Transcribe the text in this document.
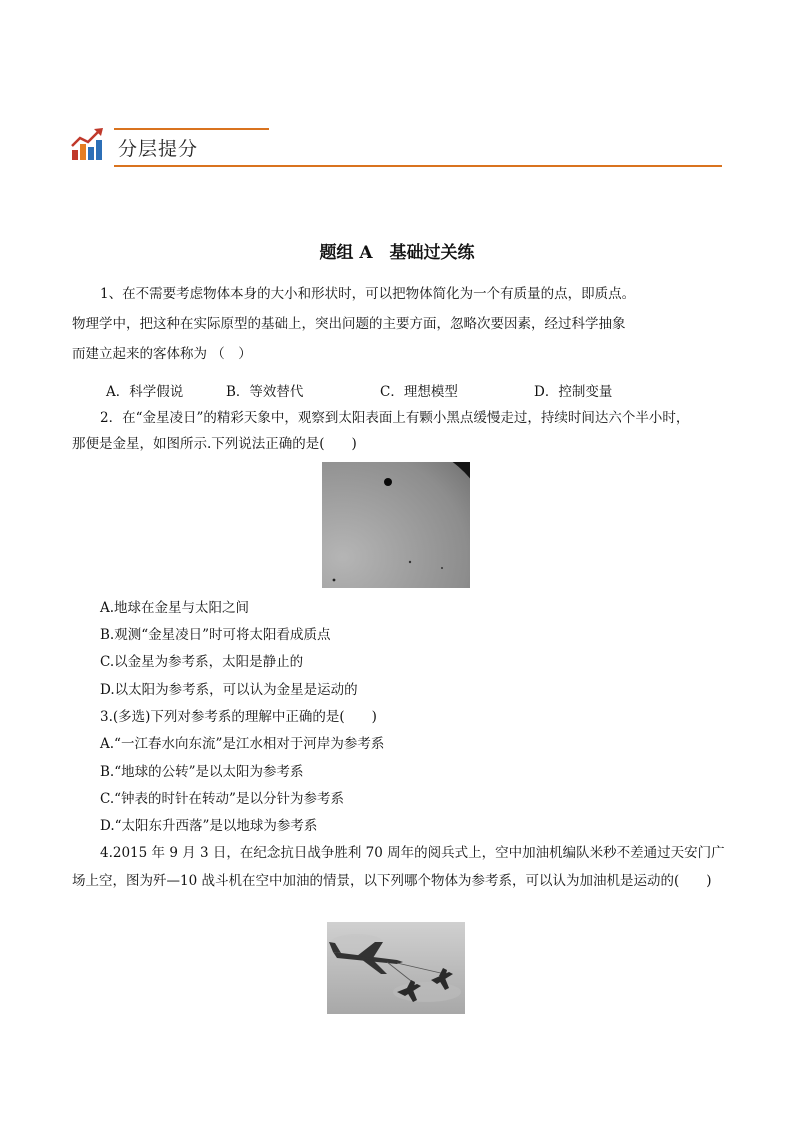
分层提分
题组 A　基础过关练
1、在不需要考虑物体本身的大小和形状时，可以把物体简化为一个有质量的点，即质点。
物理学中，把这种在实际原型的基础上，突出问题的主要方面，忽略次要因素，经过科学抽象
而建立起来的客体称为 （　）
A．科学假说	B．等效替代	C．理想模型	D．控制变量
2．在“金星凌日”的精彩天象中，观察到太阳表面上有颗小黑点缓慢走过，持续时间达六个半小时，
那便是金星，如图所示.下列说法正确的是(　　)
A.地球在金星与太阳之间
B.观测“金星凌日”时可将太阳看成质点
C.以金星为参考系，太阳是静止的
D.以太阳为参考系，可以认为金星是运动的
3.(多选)下列对参考系的理解中正确的是(　　)
A.“一江春水向东流”是江水相对于河岸为参考系
B.“地球的公转”是以太阳为参考系
C.“钟表的时针在转动”是以分针为参考系
D.“太阳东升西落”是以地球为参考系
4.2015 年 9 月 3 日，在纪念抗日战争胜利 70 周年的阅兵式上，空中加油机编队米秒不差通过天安门广
场上空，图为歼—10 战斗机在空中加油的情景，以下列哪个物体为参考系，可以认为加油机是运动的(　　)
